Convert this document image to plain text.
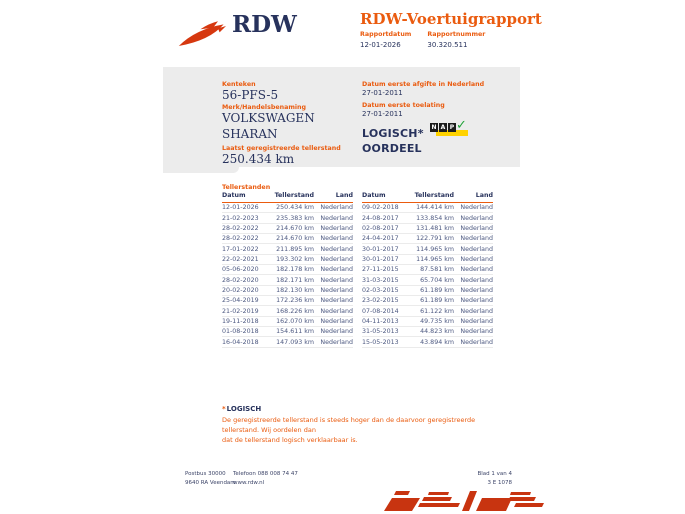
RDW	RDW-Voertuigrapport
Rapportdatum
12-01-2026
Rapportnummer
30.320.511
Kenteken
56-PFS-5
Merk/Handelsbenaming
VOLKSWAGEN
SHARAN
Laatst geregistreerde tellerstand
250.434 km
Datum eerste afgifte in Nederland
27-01-2011
Datum eerste toelating
27-01-2011
LOGISCH*
OORDEEL
N A P ✓
Tellerstanden
Datum	Tellerstand	Land
12-01-2026	250.434 km	Nederland
21-02-2023	235.383 km	Nederland
28-02-2022	214.670 km	Nederland
28-02-2022	214.670 km	Nederland
17-01-2022	211.895 km	Nederland
22-02-2021	193.302 km	Nederland
05-06-2020	182.178 km	Nederland
28-02-2020	182.171 km	Nederland
20-02-2020	182.130 km	Nederland
25-04-2019	172.236 km	Nederland
21-02-2019	168.226 km	Nederland
19-11-2018	162.070 km	Nederland
01-08-2018	154.611 km	Nederland
16-04-2018	147.093 km	Nederland
Datum	Tellerstand	Land
09-02-2018	144.414 km	Nederland
24-08-2017	133.854 km	Nederland
02-08-2017	131.481 km	Nederland
24-04-2017	122.791 km	Nederland
30-01-2017	114.965 km	Nederland
30-01-2017	114.965 km	Nederland
27-11-2015	87.581 km	Nederland
31-03-2015	65.704 km	Nederland
02-03-2015	61.189 km	Nederland
23-02-2015	61.189 km	Nederland
07-08-2014	61.122 km	Nederland
04-11-2013	49.735 km	Nederland
31-05-2013	44.823 km	Nederland
15-05-2013	43.894 km	Nederland
*LOGISCH
De geregistreerde tellerstand is steeds hoger dan de daarvoor geregistreerde tellerstand. Wij oordelen dan
dat de tellerstand logisch verklaarbaar is.
Postbus 30000
9640 RA Veendam
Telefoon 088 008 74 47
www.rdw.nl
Blad 1 van 4
3 E 1078
